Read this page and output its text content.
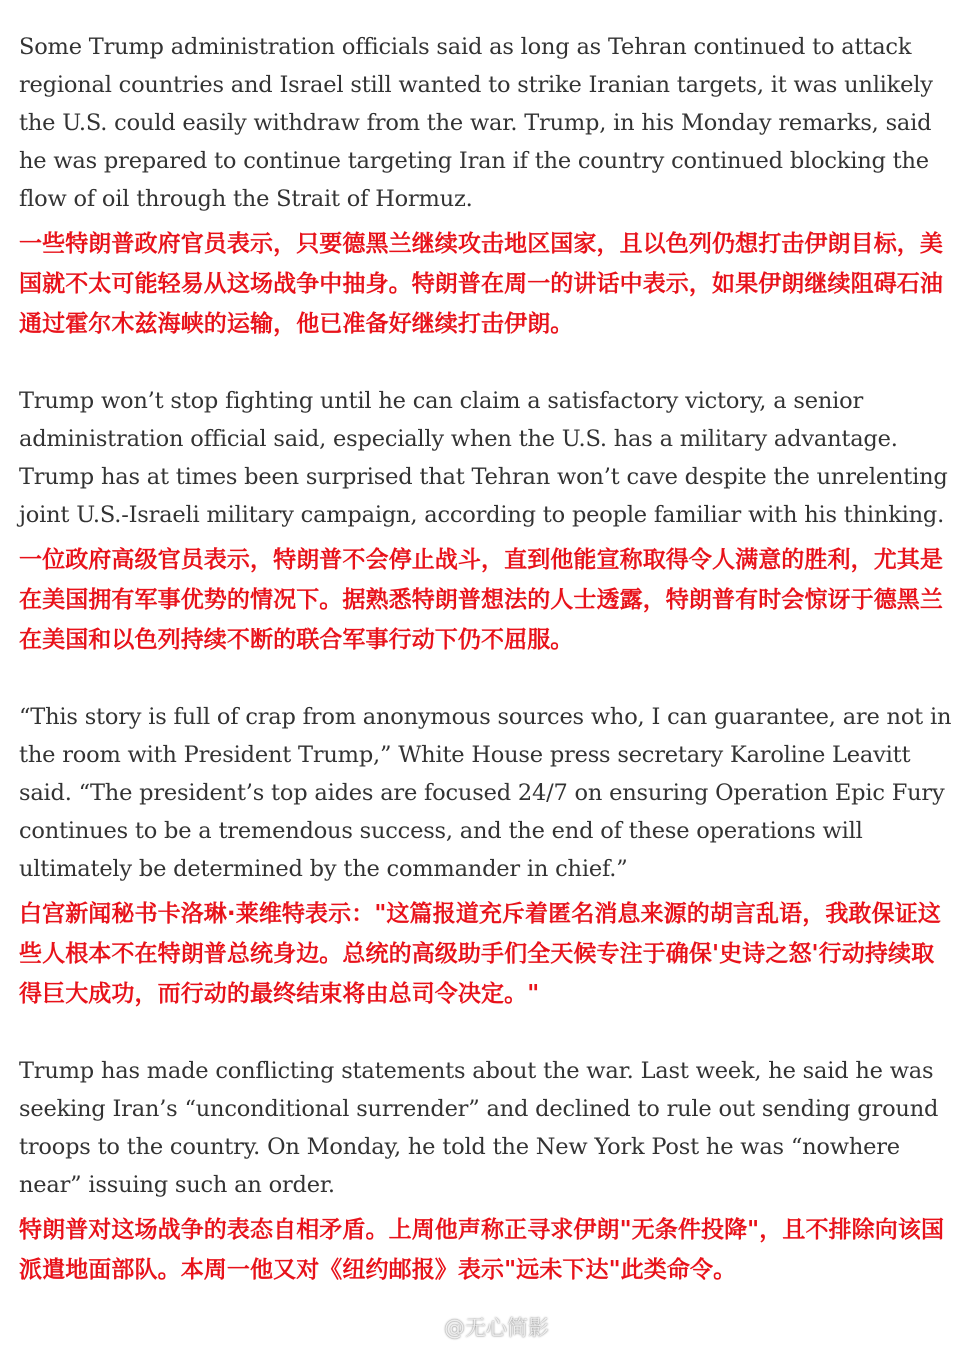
Some Trump administration officials said as long as Tehran continued to attack regional countries and Israel still wanted to strike Iranian targets, it was unlikely the U.S. could easily withdraw from the war. Trump, in his Monday remarks, said he was prepared to continue targeting Iran if the country continued blocking the flow of oil through the Strait of Hormuz.

一些特朗普政府官员表示，只要德黑兰继续攻击地区国家，且以色列仍想打击伊朗目标，美国就不太可能轻易从这场战争中抽身。特朗普在周一的讲话中表示，如果伊朗继续阻碍石油通过霍尔木兹海峡的运输，他已准备好继续打击伊朗。

Trump won’t stop fighting until he can claim a satisfactory victory, a senior administration official said, especially when the U.S. has a military advantage. Trump has at times been surprised that Tehran won’t cave despite the unrelenting joint U.S.-Israeli military campaign, according to people familiar with his thinking.

一位政府高级官员表示，特朗普不会停止战斗，直到他能宣称取得令人满意的胜利，尤其是在美国拥有军事优势的情况下。据熟悉特朗普想法的人士透露，特朗普有时会惊讶于德黑兰在美国和以色列持续不断的联合军事行动下仍不屈服。

“This story is full of crap from anonymous sources who, I can guarantee, are not in the room with President Trump,” White House press secretary Karoline Leavitt said. “The president’s top aides are focused 24/7 on ensuring Operation Epic Fury continues to be a tremendous success, and the end of these operations will ultimately be determined by the commander in chief.”

白宫新闻秘书卡洛琳·莱维特表示："这篇报道充斥着匿名消息来源的胡言乱语，我敢保证这些人根本不在特朗普总统身边。总统的高级助手们全天候专注于确保'史诗之怒'行动持续取得巨大成功，而行动的最终结束将由总司令决定。"

Trump has made conflicting statements about the war. Last week, he said he was seeking Iran’s “unconditional surrender” and declined to rule out sending ground troops to the country. On Monday, he told the New York Post he was “nowhere near” issuing such an order.

特朗普对这场战争的表态自相矛盾。上周他声称正寻求伊朗"无条件投降"，且不排除向该国派遣地面部队。本周一他又对《纽约邮报》表示"远未下达"此类命令。

@无心简影
